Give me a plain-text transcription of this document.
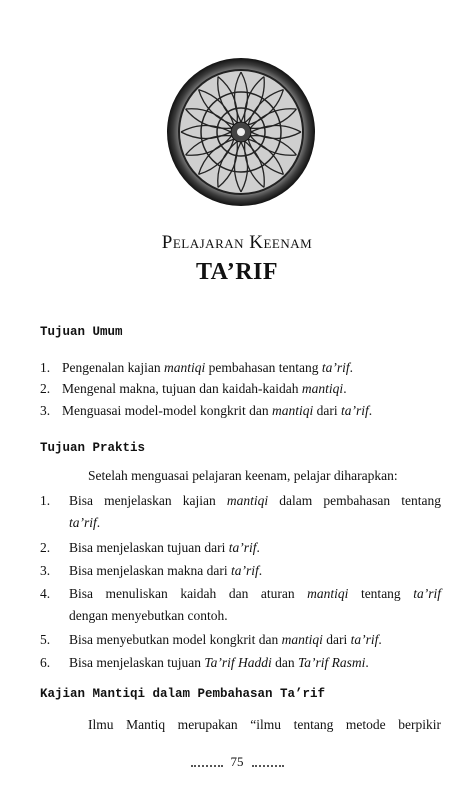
Pelajaran Keenam
TA’RIF
Tujuan Umum
1. Pengenalan kajian mantiqi pembahasan tentang ta’rif.
2. Mengenal makna, tujuan dan kaidah-kaidah mantiqi.
3. Menguasai model-model kongkrit dan mantiqi dari ta’rif.
Tujuan Praktis
Setelah menguasai pelajaran keenam, pelajar diharapkan:
1. Bisa menjelaskan kajian mantiqi dalam pembahasan tentang
ta’rif.
2. Bisa menjelaskan tujuan dari ta’rif.
3. Bisa menjelaskan makna dari ta’rif.
4. Bisa menuliskan kaidah dan aturan mantiqi tentang ta’rif
dengan menyebutkan contoh.
5. Bisa menyebutkan model kongkrit dan mantiqi dari ta’rif.
6. Bisa menjelaskan tujuan Ta’rif Haddi dan Ta’rif Rasmi.
Kajian Mantiqi dalam Pembahasan Ta’rif
Ilmu Mantiq merupakan “ilmu tentang metode berpikir
75
